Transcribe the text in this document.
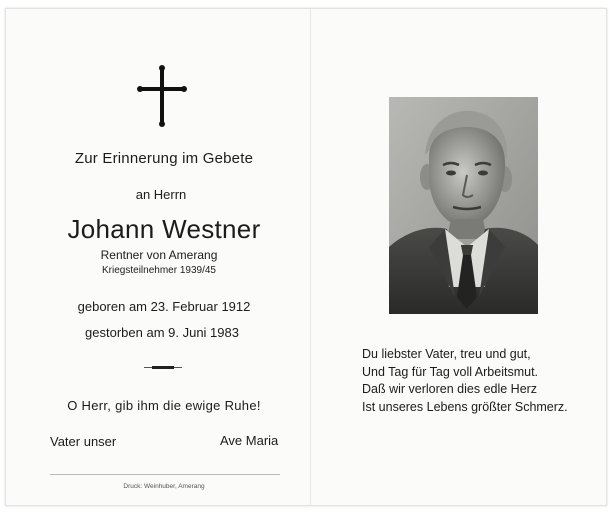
Zur Erinnerung im Gebete
an Herrn
Johann Westner
Rentner von Amerang
Kriegsteilnehmer 1939/45
geboren am 23. Februar 1912
gestorben am 9. Juni 1983
O Herr, gib ihm die ewige Ruhe!
Vater unser	Ave Maria
Druck: Weinhuber, Amerang
Du liebster Vater, treu und gut,
Und Tag für Tag voll Arbeitsmut.
Daß wir verloren dies edle Herz
Ist unseres Lebens größter Schmerz.
